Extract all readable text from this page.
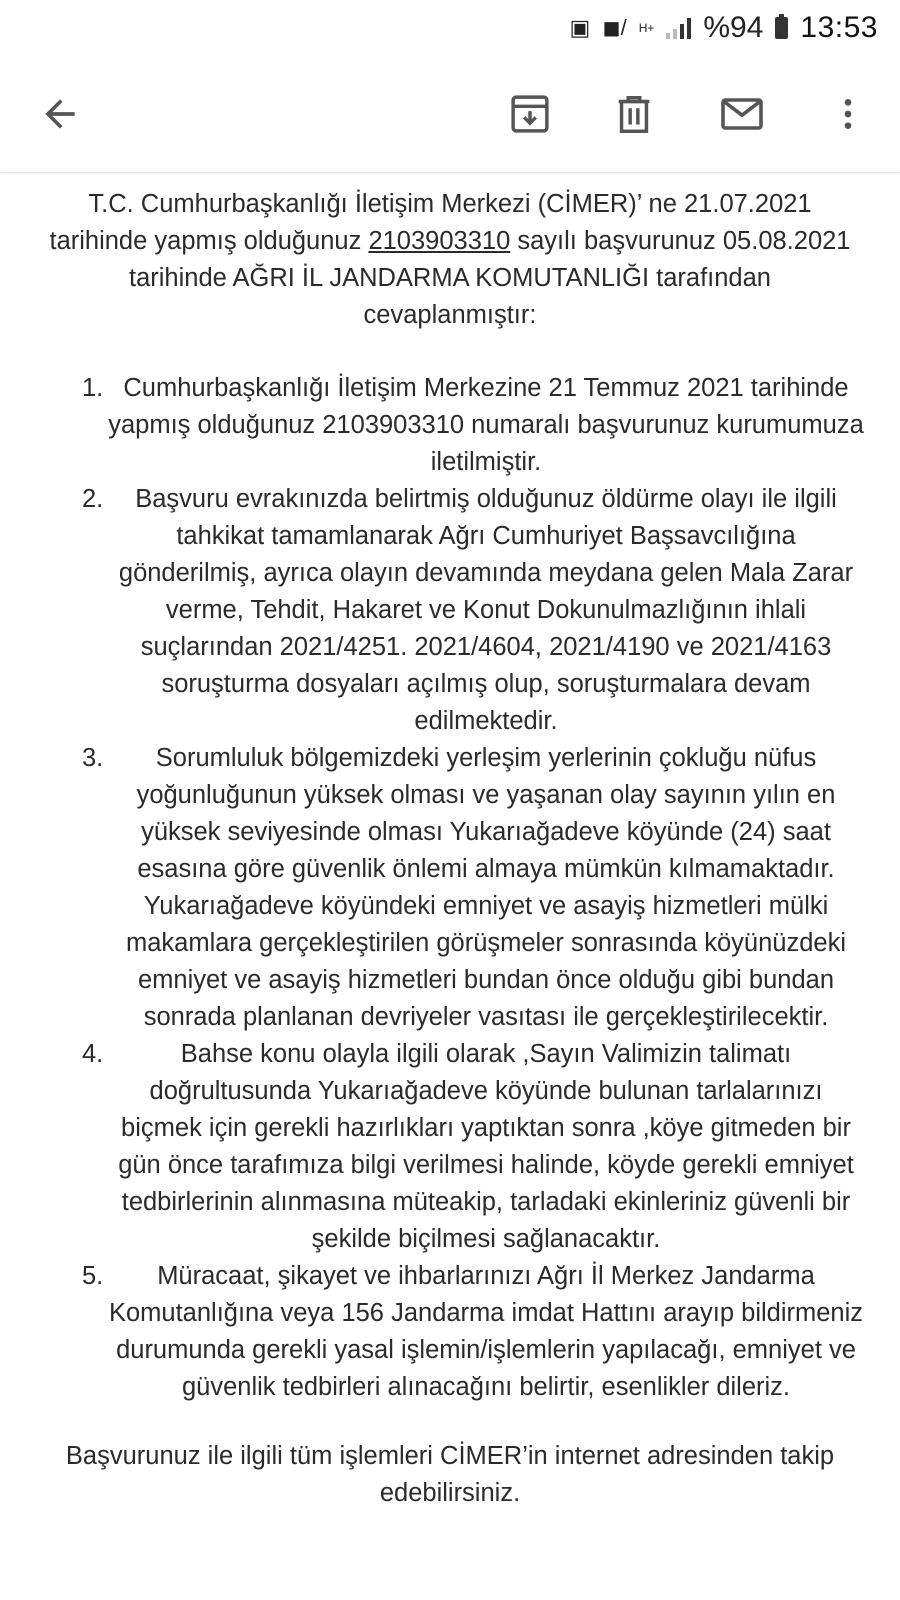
▣ ◼/ H+ %94 13:53
T.C. Cumhurbaşkanlığı İletişim Merkezi (CİMER)’ ne 21.07.2021 tarihinde yapmış olduğunuz 2103903310 sayılı başvurunuz 05.08.2021 tarihinde AĞRI İL JANDARMA KOMUTANLIĞI tarafından cevaplanmıştır:
1. Cumhurbaşkanlığı İletişim Merkezine 21 Temmuz 2021 tarihinde yapmış olduğunuz 2103903310 numaralı başvurunuz kurumumuza iletilmiştir.
2. Başvuru evrakınızda belirtmiş olduğunuz öldürme olayı ile ilgili tahkikat tamamlanarak Ağrı Cumhuriyet Başsavcılığına gönderilmiş, ayrıca olayın devamında meydana gelen Mala Zarar verme, Tehdit, Hakaret ve Konut Dokunulmazlığının ihlali suçlarından 2021/4251. 2021/4604, 2021/4190 ve 2021/4163 soruşturma dosyaları açılmış olup, soruşturmalara devam edilmektedir.
3. Sorumluluk bölgemizdeki yerleşim yerlerinin çokluğu nüfus yoğunluğunun yüksek olması ve yaşanan olay sayının yılın en yüksek seviyesinde olması Yukarıağadeve köyünde (24) saat esasına göre güvenlik önlemi almaya mümkün kılmamaktadır. Yukarıağadeve köyündeki emniyet ve asayiş hizmetleri mülki makamlara gerçekleştirilen görüşmeler sonrasında köyünüzdeki emniyet ve asayiş hizmetleri bundan önce olduğu gibi bundan sonrada planlanan devriyeler vasıtası ile gerçekleştirilecektir.
4.	Bahse konu olayla ilgili olarak ,Sayın Valimizin talimatı doğrultusunda Yukarıağadeve köyünde bulunan tarlalarınızı biçmek için gerekli hazırlıkları yaptıktan sonra ,köye gitmeden bir gün önce tarafımıza bilgi verilmesi halinde, köyde gerekli emniyet tedbirlerinin alınmasına müteakip, tarladaki ekinleriniz güvenli bir şekilde biçilmesi sağlanacaktır.
5. Müracaat, şikayet ve ihbarlarınızı Ağrı İl Merkez Jandarma Komutanlığına veya 156 Jandarma imdat Hattını arayıp bildirmeniz durumunda gerekli yasal işlemin/işlemlerin yapılacağı, emniyet ve güvenlik tedbirleri alınacağını belirtir, esenlikler dileriz.
Başvurunuz ile ilgili tüm işlemleri CİMER’in internet adresinden takip edebilirsiniz.
